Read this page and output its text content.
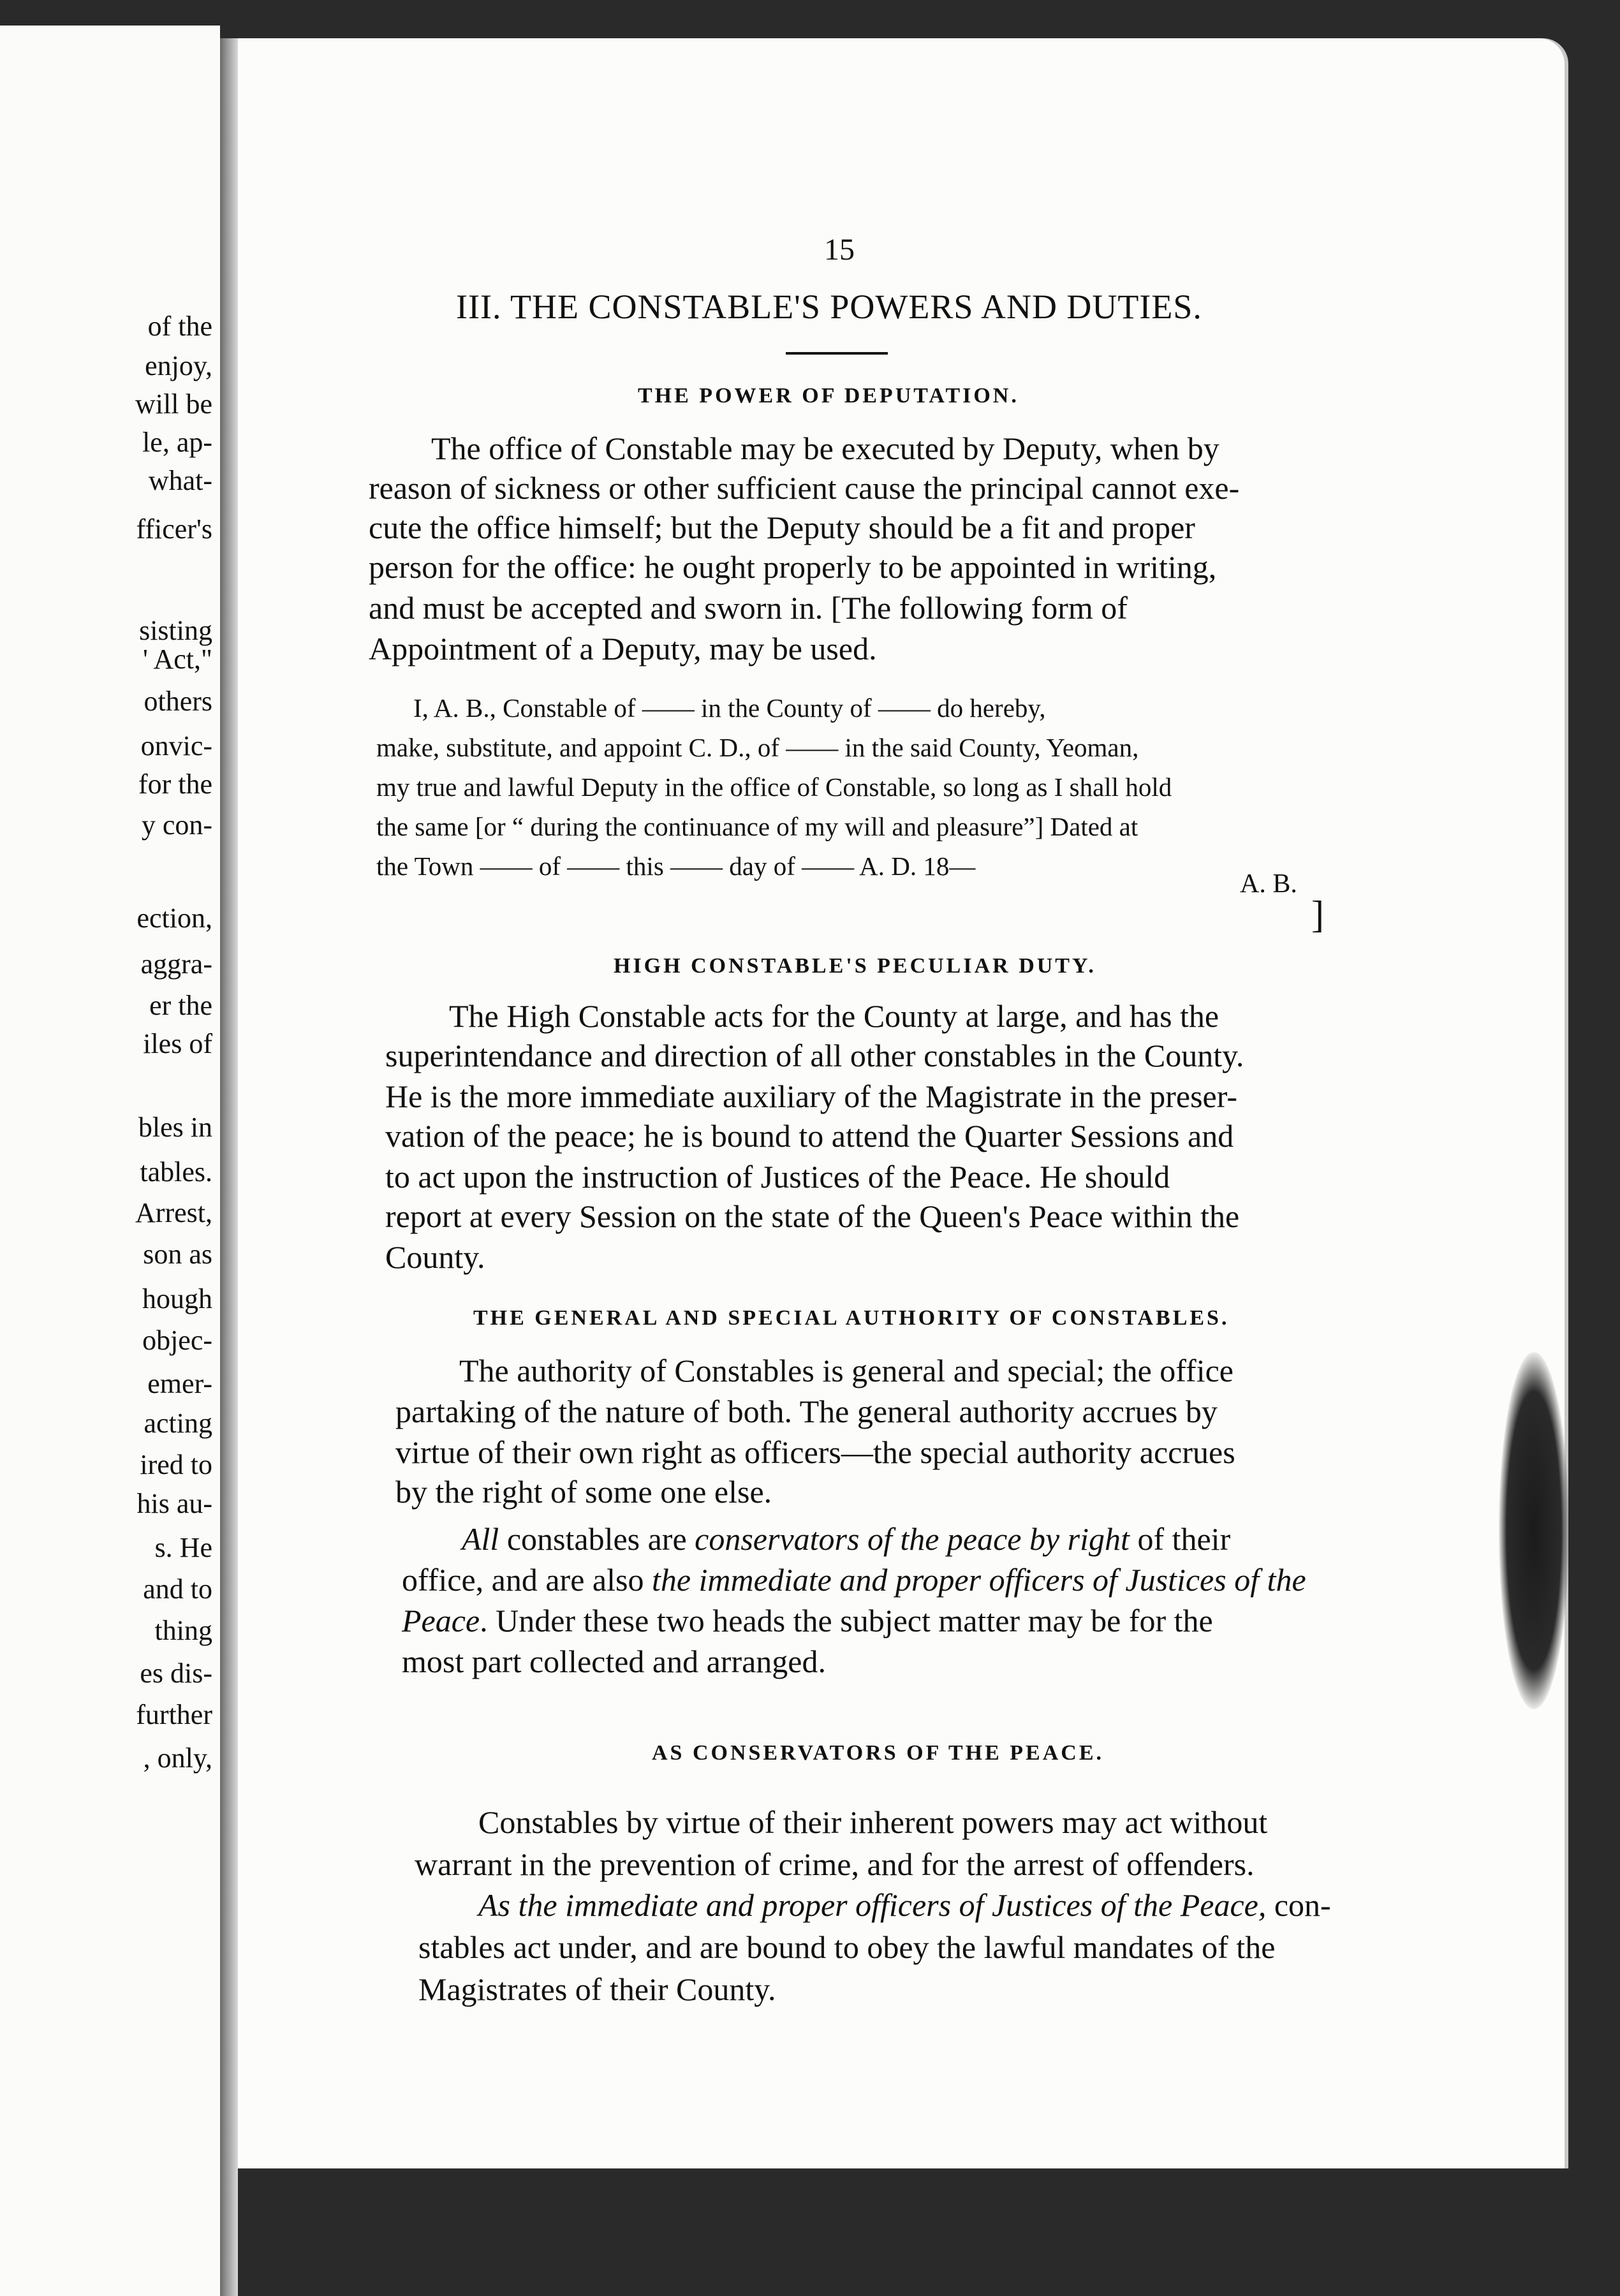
of the
enjoy,
will be
le, ap-
what-
fficer's
sisting
' Act,"
others
onvic-
for the
y con-
ection,
aggra-
er the
iles of
bles in
tables.
Arrest,
son as
hough
objec-
emer-
acting
ired to
his au-
s. He
and to
thing
es dis-
further
, only,
15
III. THE CONSTABLE'S POWERS AND DUTIES.
THE POWER OF DEPUTATION.
The office of Constable may be executed by Deputy, when by
reason of sickness or other sufficient cause the principal cannot exe-
cute the office himself; but the Deputy should be a fit and proper
person for the office: he ought properly to be appointed in writing,
and must be accepted and sworn in. [The following form of
Appointment of a Deputy, may be used.
I, A. B., Constable of —— in the County of —— do hereby,
make, substitute, and appoint C. D., of —— in the said County, Yeoman,
my true and lawful Deputy in the office of Constable, so long as I shall hold
the same [or “ during the continuance of my will and pleasure”] Dated at
the Town —— of —— this —— day of —— A. D. 18—
A. B.
]
HIGH CONSTABLE'S PECULIAR DUTY.
The High Constable acts for the County at large, and has the
superintendance and direction of all other constables in the County.
He is the more immediate auxiliary of the Magistrate in the preser-
vation of the peace; he is bound to attend the Quarter Sessions and
to act upon the instruction of Justices of the Peace. He should
report at every Session on the state of the Queen's Peace within the
County.
THE GENERAL AND SPECIAL AUTHORITY OF CONSTABLES.
The authority of Constables is general and special; the office
partaking of the nature of both. The general authority accrues by
virtue of their own right as officers—the special authority accrues
by the right of some one else.
All constables are conservators of the peace by right of their
office, and are also the immediate and proper officers of Justices of the
Peace. Under these two heads the subject matter may be for the
most part collected and arranged.
AS CONSERVATORS OF THE PEACE.
Constables by virtue of their inherent powers may act without
warrant in the prevention of crime, and for the arrest of offenders.
As the immediate and proper officers of Justices of the Peace, con-
stables act under, and are bound to obey the lawful mandates of the
Magistrates of their County.
